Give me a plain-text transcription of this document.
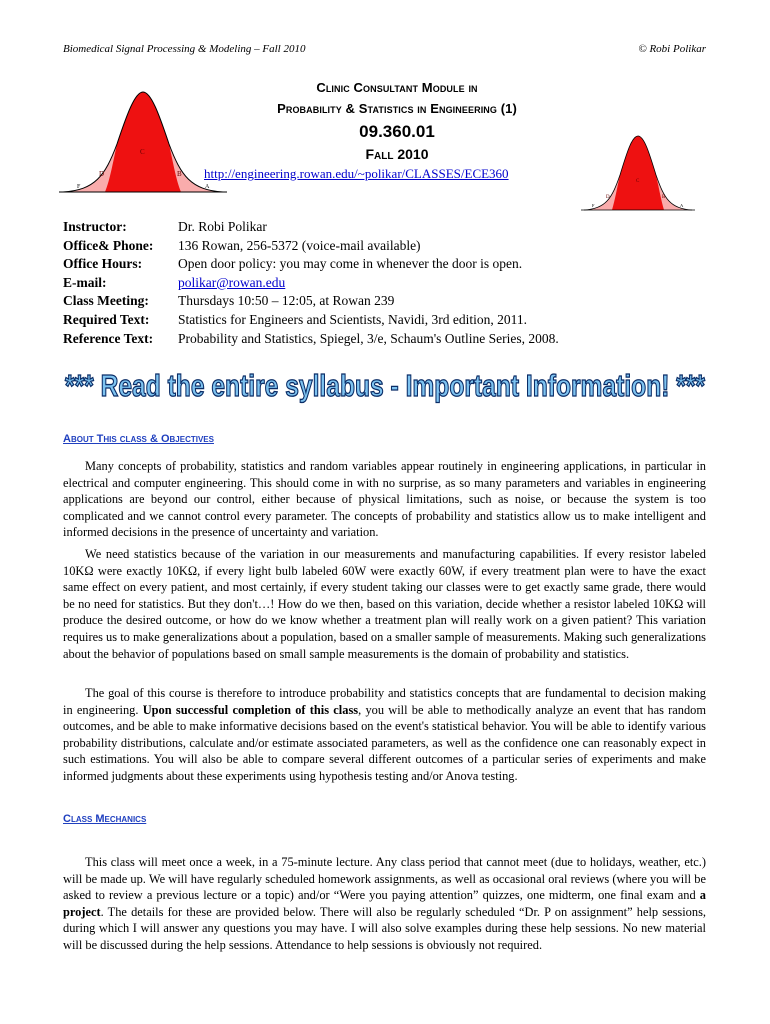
Biomedical Signal Processing & Modeling – Fall 2010	© Robi Polikar
C
D	B
F	A
C
D	B
F	A
Clinic Consultant Module in
Probability & Statistics in Engineering (1)
09.360.01
Fall 2010
http://engineering.rowan.edu/~polikar/CLASSES/ECE360
Instructor:	Dr. Robi Polikar
Office& Phone:	136 Rowan, 256-5372 (voice-mail available)
Office Hours:	Open door policy: you may come in whenever the door is open.
E-mail:	polikar@rowan.edu
Class Meeting:	Thursdays 10:50 – 12:05, at Rowan 239
Required Text:	Statistics for Engineers and Scientists, Navidi, 3rd edition, 2011.
Reference Text:	Probability and Statistics, Spiegel, 3/e, Schaum's Outline Series, 2008.
*** Read the entire syllabus - Important Information! ***
About This class & Objectives

Many concepts of probability, statistics and random variables appear routinely in engineering applications, in particular in electrical and computer engineering. This should come in with no surprise, as so many parameters and variables in engineering applications are beyond our control, either because of physical limitations, such as noise, or because the system is too complicated and we cannot control every parameter. The concepts of probability and statistics allow us to make intelligent and informed decisions in the presence of uncertainty and variation.

We need statistics because of the variation in our measurements and manufacturing capabilities. If every resistor labeled 10KΩ were exactly 10KΩ, if every light bulb labeled 60W were exactly 60W, if every treatment plan were to have the exact same effect on every patient, and most certainly, if every student taking our classes were to get exactly same grade, there would be no need for statistics. But they don't…! How do we then, based on this variation, decide whether a resistor labeled 10KΩ will produce the desired outcome, or how do we know whether a treatment plan will really work on a given patient? This variation requires us to make generalizations about a population, based on a smaller sample of measurements. Making such generalizations about the behavior of populations based on small sample measurements is the domain of probability and statistics.

The goal of this course is therefore to introduce probability and statistics concepts that are fundamental to decision making in engineering. Upon successful completion of this class, you will be able to methodically analyze an event that has random outcomes, and be able to make informative decisions based on the event's statistical behavior. You will be able to identify various probability distributions, calculate and/or estimate associated parameters, as well as the confidence one can reasonably expect in such estimations. You will also be able to compare several different outcomes of a particular series of experiments and make informed judgments about these experiments using hypothesis testing and/or Anova testing.

Class Mechanics

This class will meet once a week, in a 75-minute lecture. Any class period that cannot meet (due to holidays, weather, etc.) will be made up. We will have regularly scheduled homework assignments, as well as occasional oral reviews (where you will be asked to review a previous lecture or a topic) and/or “Were you paying attention” quizzes, one midterm, one final exam and a project. The details for these are provided below. There will also be regularly scheduled “Dr. P on assignment” help sessions, during which I will answer any questions you may have. I will also solve examples during these help sessions. No new material will be discussed during the help sessions. Attendance to help sessions is obviously not required.
